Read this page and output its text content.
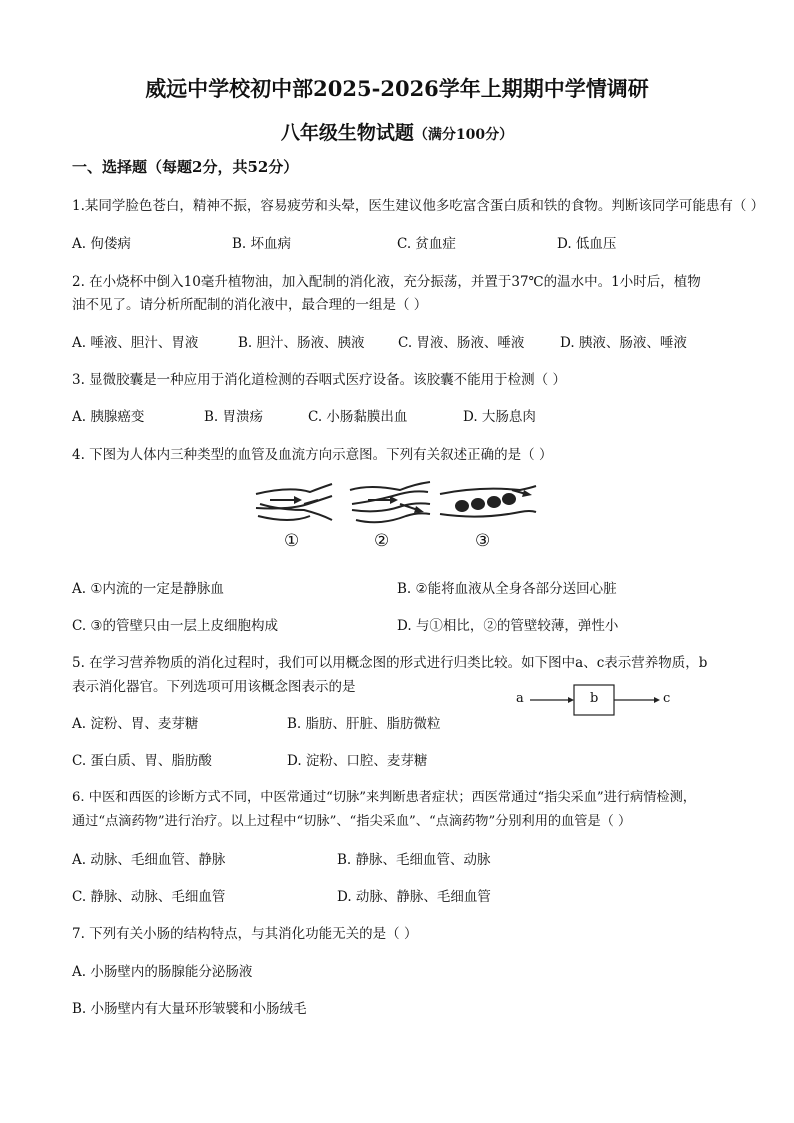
威远中学校初中部2025-2026学年上期期中学情调研
八年级生物试题（满分100分）
一、选择题（每题2分，共52分）
1.某同学脸色苍白，精神不振，容易疲劳和头晕，医生建议他多吃富含蛋白质和铁的食物。判断该同学可能患有（ ）
A. 佝偻病	B. 坏血病	C. 贫血症	D. 低血压
2. 在小烧杯中倒入10毫升植物油，加入配制的消化液，充分振荡，并置于37℃的温水中。1小时后，植物
油不见了。请分析所配制的消化液中，最合理的一组是（ ）
A. 唾液、胆汁、胃液	B. 胆汁、肠液、胰液 C. 胃液、肠液、唾液	D. 胰液、肠液、唾液
3. 显微胶囊是一种应用于消化道检测的吞咽式医疗设备。该胶囊不能用于检测（ ）
A. 胰腺癌变	B. 胃溃疡	C. 小肠黏膜出血	D. 大肠息肉
4. 下图为人体内三种类型的血管及血流方向示意图。下列有关叙述正确的是（ ）
①	②	③
A. ①内流的一定是静脉血	B. ②能将血液从全身各部分送回心脏
C. ③的管壁只由一层上皮细胞构成	D. 与①相比，②的管壁较薄，弹性小
5. 在学习营养物质的消化过程时，我们可以用概念图的形式进行归类比较。如下图中a、c表示营养物质，b
表示消化器官。下列选项可用该概念图表示的是
a	b	c
A. 淀粉、胃、麦芽糖	B. 脂肪、肝脏、脂肪微粒
C. 蛋白质、胃、脂肪酸	D. 淀粉、口腔、麦芽糖
6. 中医和西医的诊断方式不同，中医常通过“切脉”来判断患者症状；西医常通过“指尖采血”进行病情检测，
通过“点滴药物”进行治疗。以上过程中“切脉”、“指尖采血”、“点滴药物”分别利用的血管是（ ）
A. 动脉、毛细血管、静脉	B. 静脉、毛细血管、动脉
C. 静脉、动脉、毛细血管	D. 动脉、静脉、毛细血管
7. 下列有关小肠的结构特点，与其消化功能无关的是（ ）
A. 小肠壁内的肠腺能分泌肠液
B. 小肠壁内有大量环形皱襞和小肠绒毛
